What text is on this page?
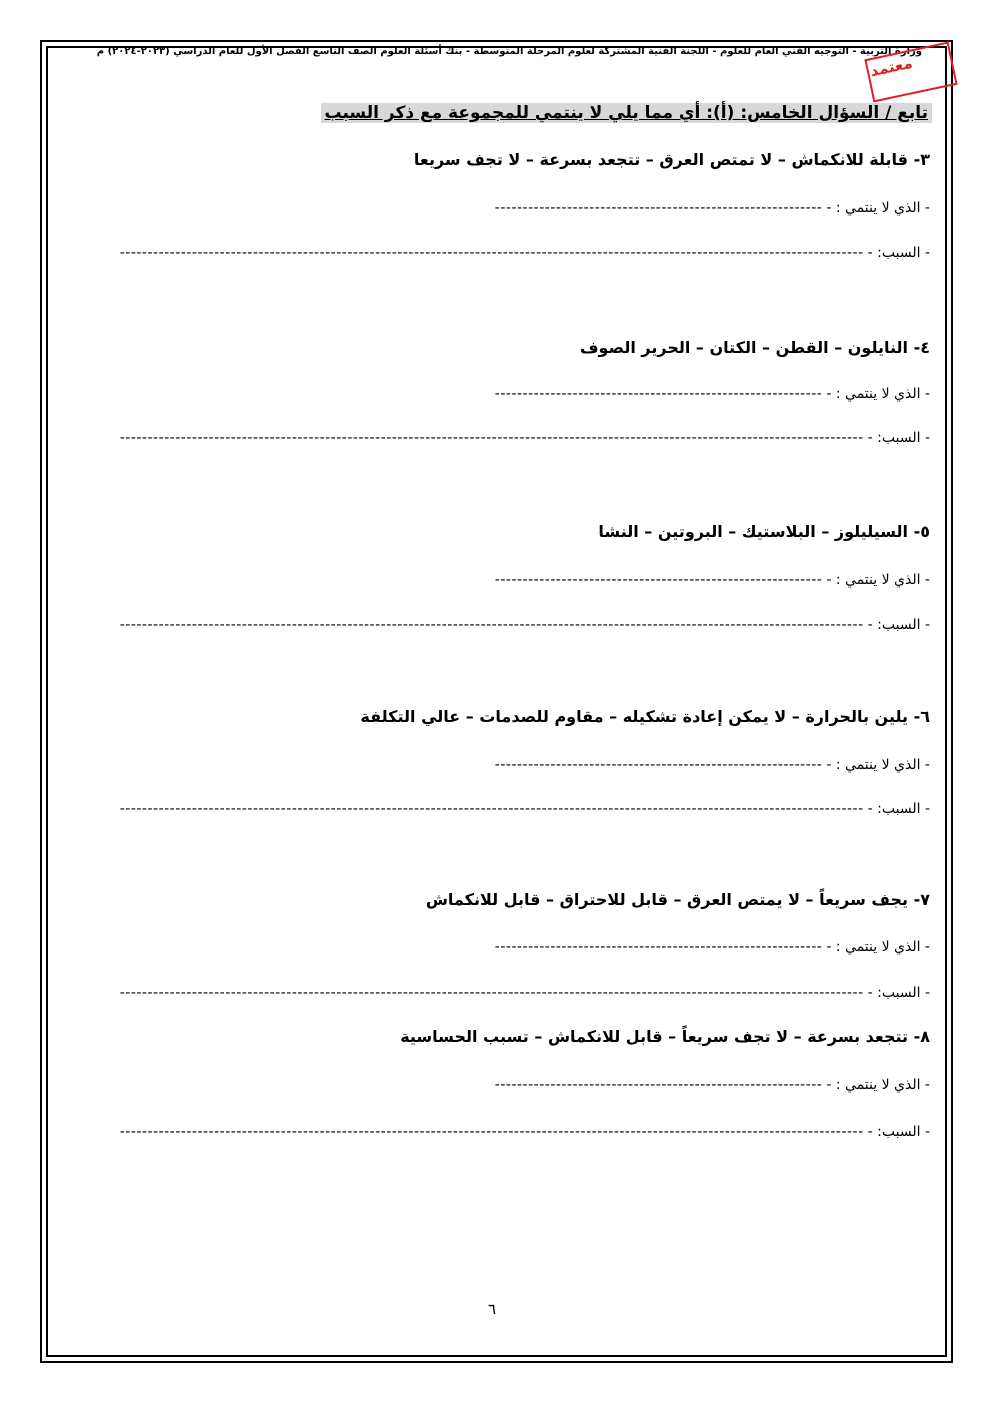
وزارة التربية - التوجيه الفني العام للعلوم - اللجنة الفنية المشتركة لعلوم المرحلة المتوسطة - بنك أسئلة العلوم الصف التاسع الفصل الأول للعام الدراسي (٢٠٢٣-٢٠٢٤) م
معتمد
تابع / السؤال الخامس: (أ): أي مما يلي لا ينتمي للمجموعة مع ذكر السبب
٣- قابلة للانكماش – لا تمتص العرق – تتجعد بسرعة – لا تجف سريعا
- الذي لا ينتمي : ------------------------------------------------------------
- السبب: ---------------------------------------------------------------------------------------------------------------------------------------
٤- النايلون – القطن – الكتان – الحرير الصوف
- الذي لا ينتمي : ------------------------------------------------------------
- السبب: ---------------------------------------------------------------------------------------------------------------------------------------
٥- السيليلوز – البلاستيك – البروتين – النشا
- الذي لا ينتمي : ------------------------------------------------------------
- السبب: ---------------------------------------------------------------------------------------------------------------------------------------
٦- يلين بالحرارة – لا يمكن إعادة تشكيله – مقاوم للصدمات – عالي التكلفة
- الذي لا ينتمي : ------------------------------------------------------------
- السبب: ---------------------------------------------------------------------------------------------------------------------------------------
٧- يجف سريعاً – لا يمتص العرق – قابل للاحتراق – قابل للانكماش
- الذي لا ينتمي : ------------------------------------------------------------
- السبب: ---------------------------------------------------------------------------------------------------------------------------------------
٨- تتجعد بسرعة – لا تجف سريعاً – قابل للانكماش – تسبب الحساسية
- الذي لا ينتمي : ------------------------------------------------------------
- السبب: ---------------------------------------------------------------------------------------------------------------------------------------
٦
